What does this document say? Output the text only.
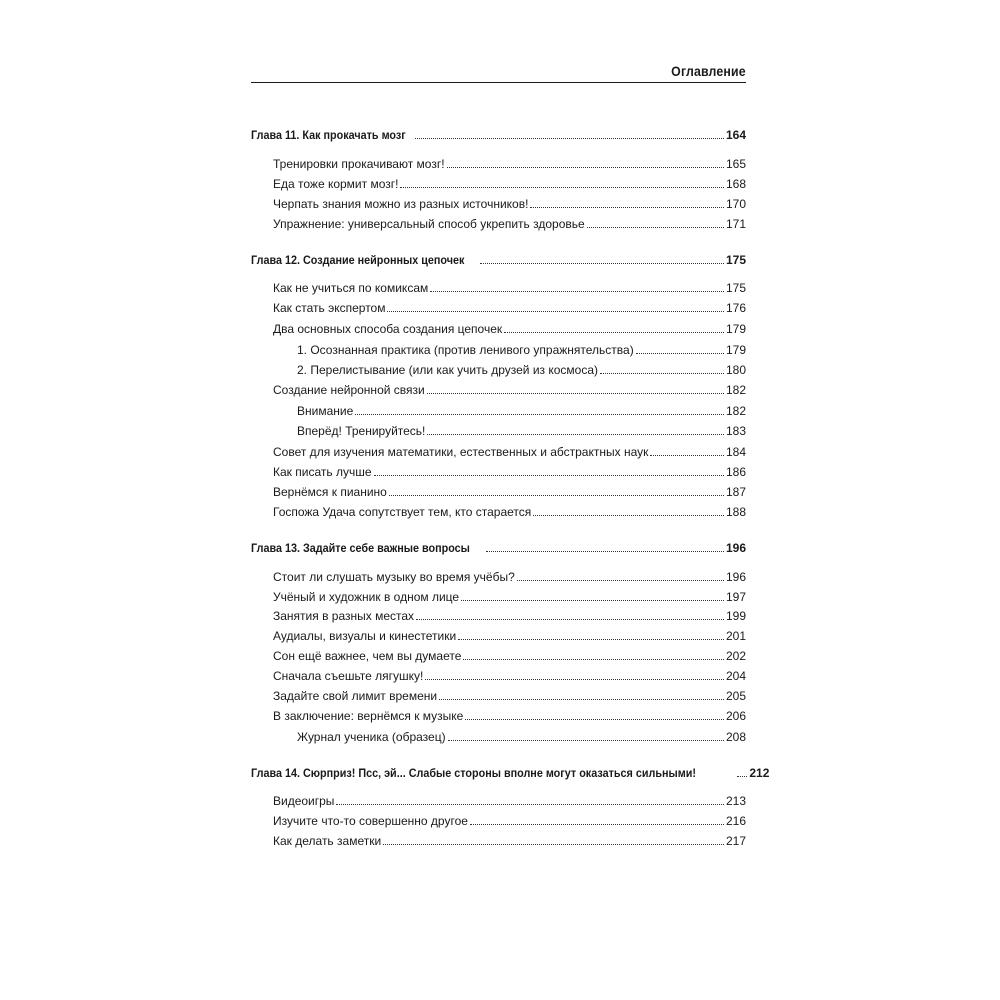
Оглавление
Глава 11. Как прокачать мозг	164
Тренировки прокачивают мозг!	165
Еда тоже кормит мозг!	168
Черпать знания можно из разных источников!	170
Упражнение: универсальный способ укрепить здоровье	171
Глава 12. Создание нейронных цепочек	175
Как не учиться по комиксам	175
Как стать экспертом	176
Два основных способа создания цепочек	179
1. Осознанная практика (против ленивого упражнятельства)	179
2. Перелистывание (или как учить друзей из космоса)	180
Создание нейронной связи	182
Внимание	182
Вперёд! Тренируйтесь!	183
Совет для изучения математики, естественных и абстрактных наук	184
Как писать лучше	186
Вернёмся к пианино	187
Госпожа Удача сопутствует тем, кто старается	188
Глава 13. Задайте себе важные вопросы	196
Стоит ли слушать музыку во время учёбы?	196
Учёный и художник в одном лице	197
Занятия в разных местах	199
Аудиалы, визуалы и кинестетики	201
Сон ещё важнее, чем вы думаете	202
Сначала съешьте лягушку!	204
Задайте свой лимит времени	205
В заключение: вернёмся к музыке	206
Журнал ученика (образец)	208
Глава 14. Сюрприз! Псс, эй... Слабые стороны вполне могут оказаться сильными!	212
Видеоигры	213
Изучите что-то совершенно другое	216
Как делать заметки	217
